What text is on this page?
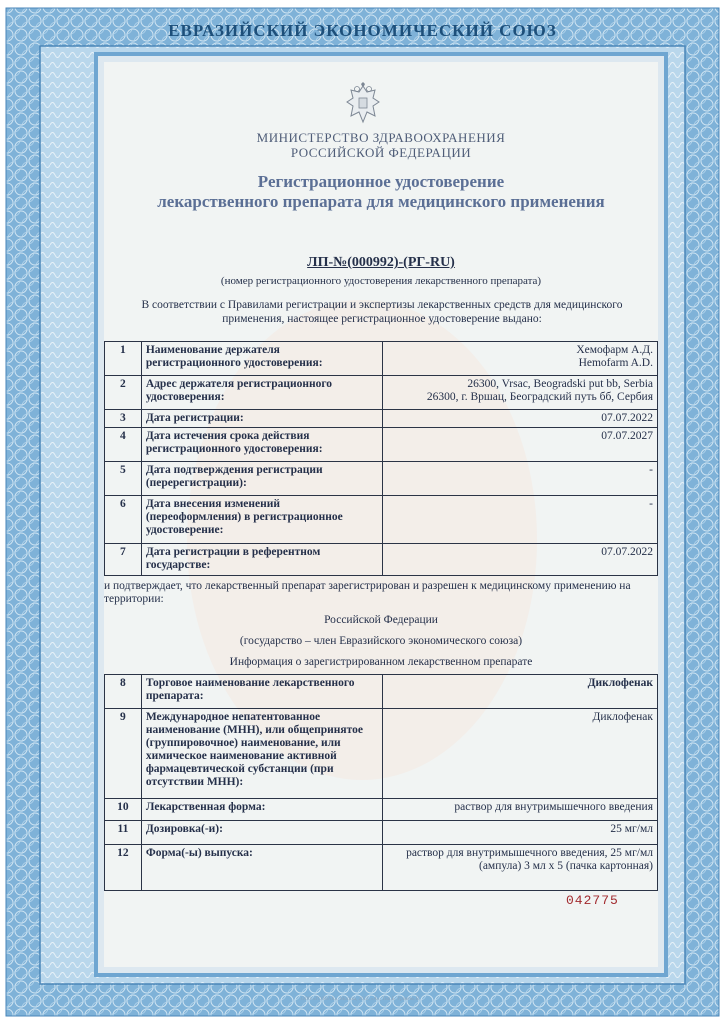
ЕВРАЗИЙСКИЙ ЭКОНОМИЧЕСКИЙ СОЮЗ
МИНИСТЕРСТВО ЗДРАВООХРАНЕНИЯ
РОССИЙСКОЙ ФЕДЕРАЦИИ
Регистрационное удостоверение
лекарственного препарата для медицинского применения
ЛП-№(000992)-(РГ-RU)
(номер регистрационного удостоверения лекарственного препарата)
В соответствии с Правилами регистрации и экспертизы лекарственных средств для медицинского применения, настоящее регистрационное удостоверение выдано:
1	Наименование держателя регистрационного удостоверения:	Хемофарм А.Д.
Hemofarm A.D.

2	Адрес держателя регистрационного удостоверения:	26300, Vrsac, Beogradski put bb, Serbia
26300, г. Вршац, Београдский путь бб, Сербия

3	Дата регистрации:	07.07.2022

4	Дата истечения срока действия регистрационного удостоверения:	07.07.2027

5	Дата подтверждения регистрации (перерегистрации):	-

6	Дата внесения изменений (переоформления) в регистрационное удостоверение:	-

7	Дата регистрации в референтном государстве:	07.07.2022
и подтверждает, что лекарственный препарат зарегистрирован и разрешен к медицинскому применению на территории:
Российской Федерации
(государство – член Евразийского экономического союза)
Информация о зарегистрированном лекарственном препарате
8	Торговое наименование лекарственного препарата:	Диклофенак

9	Международное непатентованное наименование (МНН), или общепринятое (группировочное) наименование, или химическое наименование активной фармацевтической субстанции (при отсутствии МНН):	Диклофенак

10	Лекарственная форма:	раствор для внутримышечного введения

11	Дозировка(-и):	25 мг/мл

12	Форма(-ы) выпуска:	раствор для внутримышечного введения, 25 мг/мл
(ампула) 3 мл х 5 (пачка картонная)
042775
ООО «ГОЗНАК», Москва, 2022, «А», Тип.Б. Уровень В
